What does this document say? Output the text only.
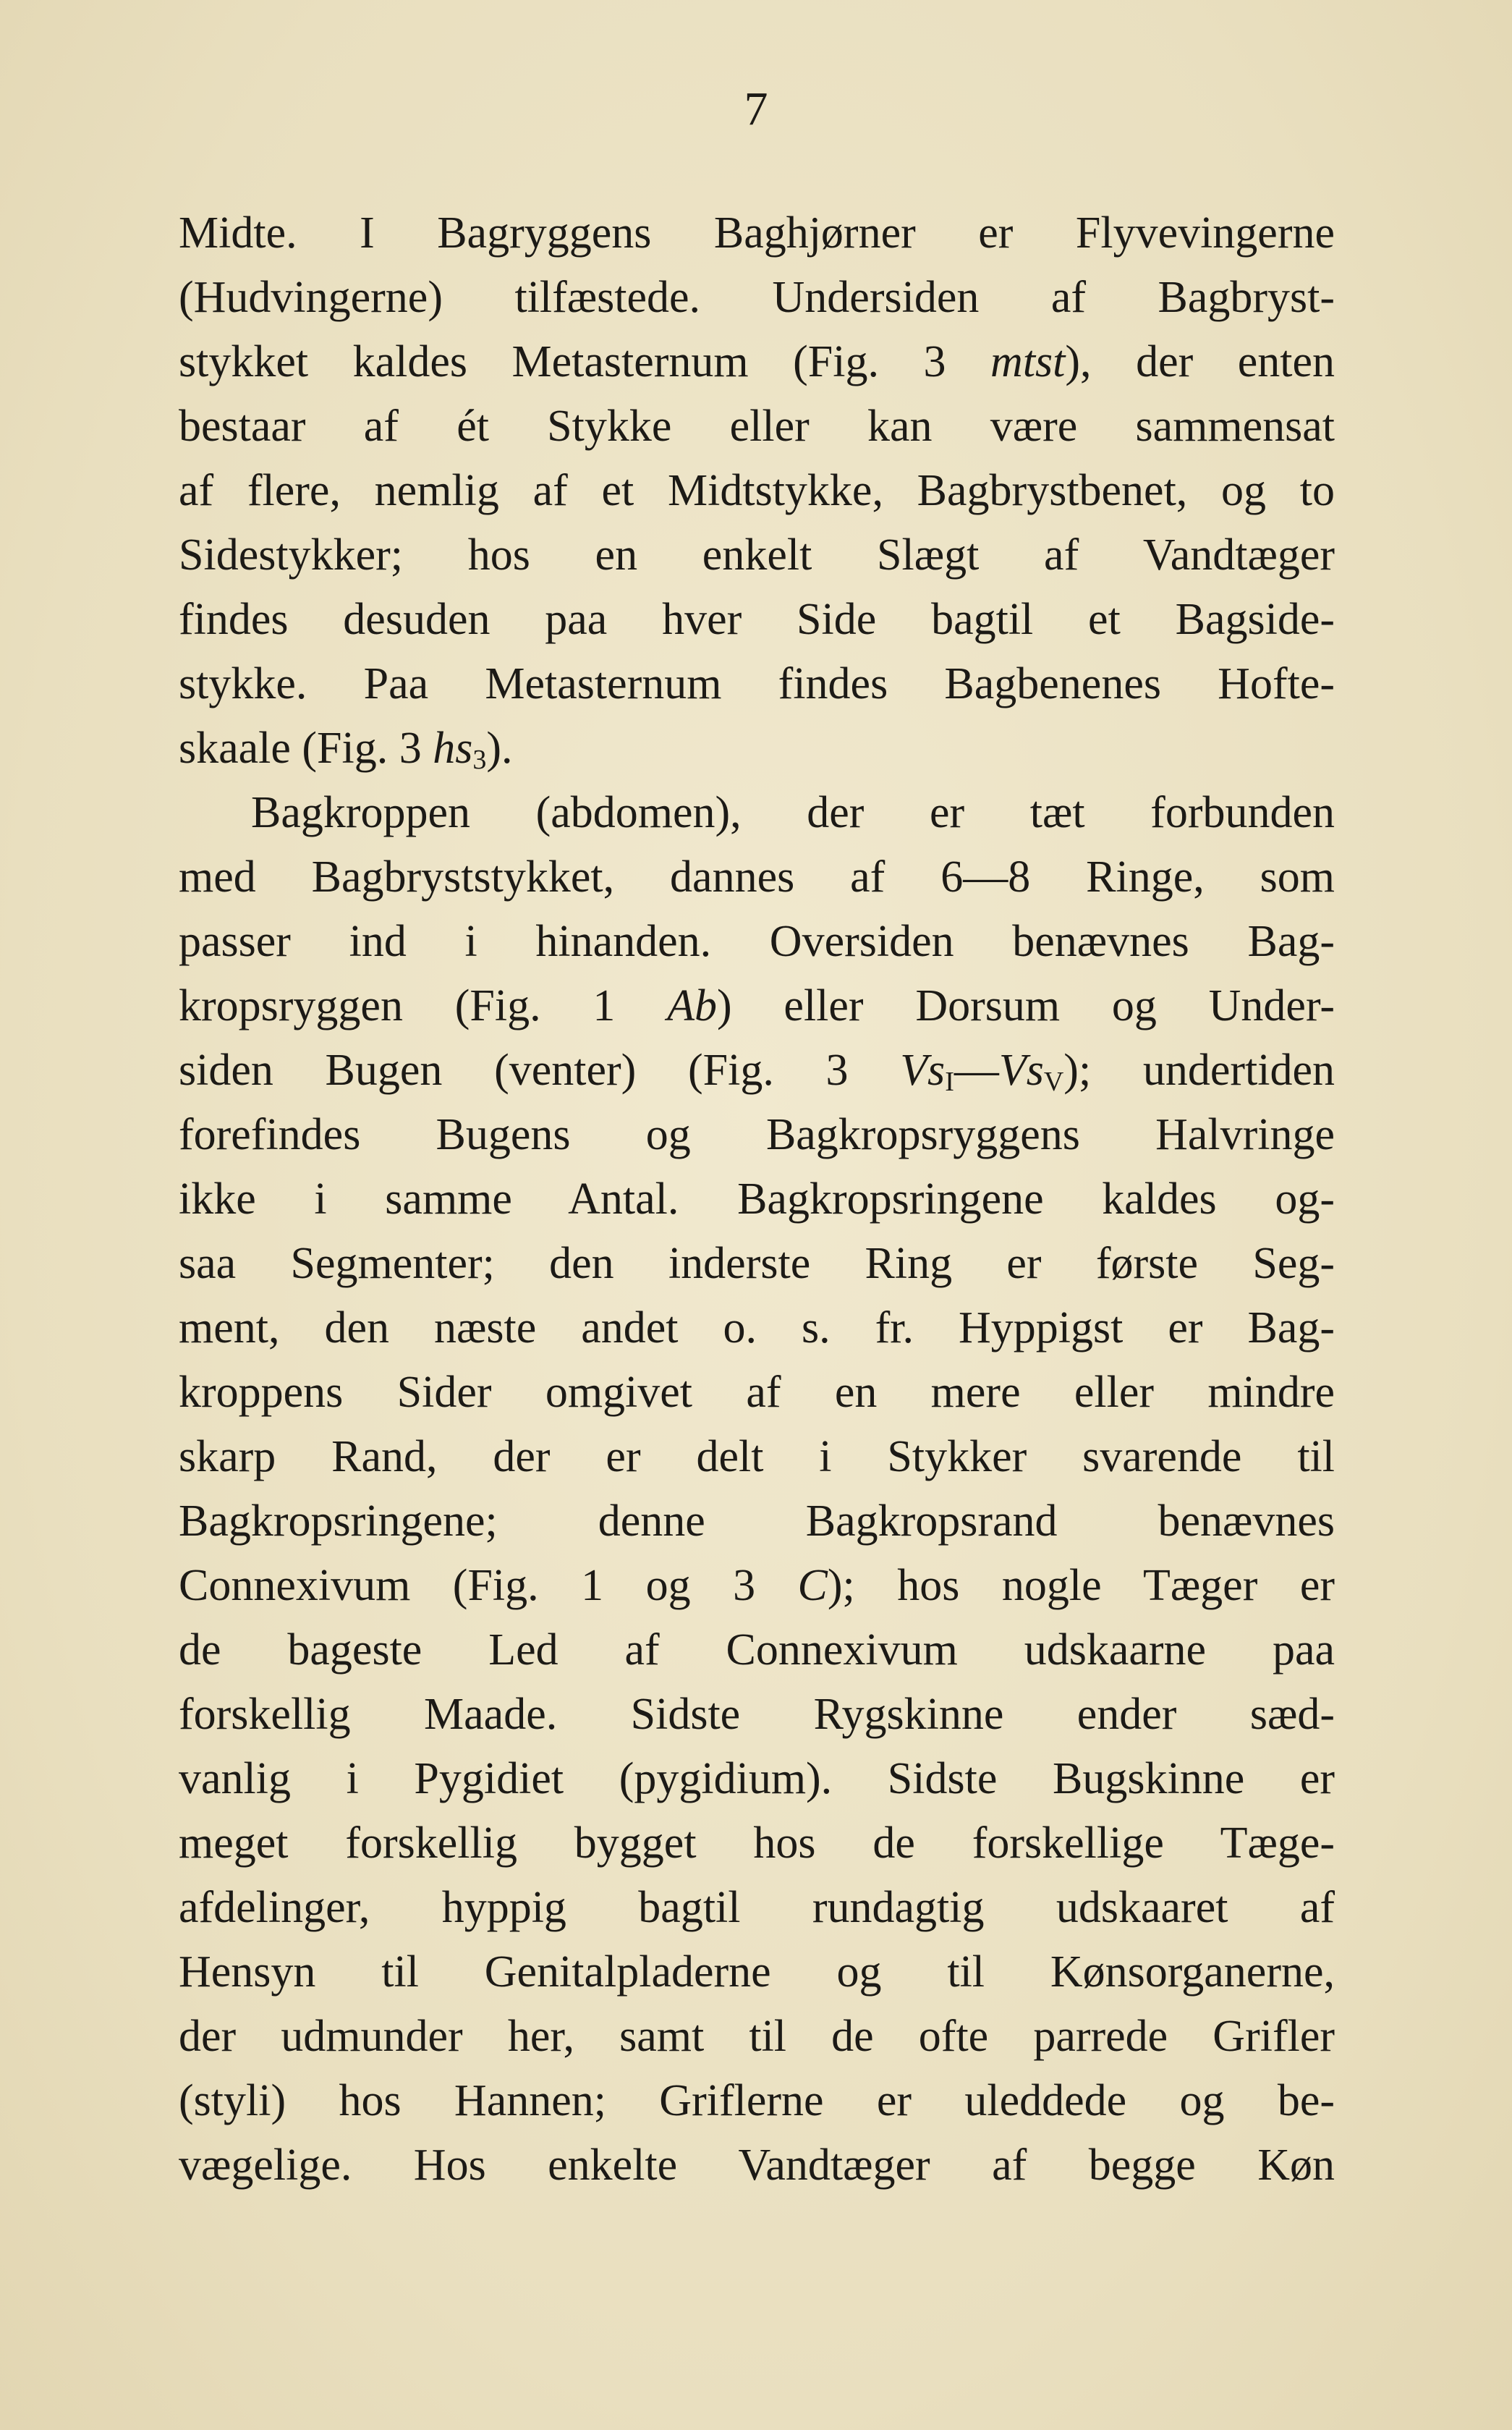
7
Midte. I Bagryggens Baghjørner er Flyvevingerne
(Hudvingerne) tilfæstede. Undersiden af Bagbryst-
stykket kaldes Metasternum (Fig. 3 mtst), der enten
bestaar af ét Stykke eller kan være sammensat
af flere, nemlig af et Midtstykke, Bagbrystbenet, og to
Sidestykker; hos en enkelt Slægt af Vandtæger
findes desuden paa hver Side bagtil et Bagside-
stykke. Paa Metasternum findes Bagbenenes Hofte-
skaale (Fig. 3 $hs_3$).
Bagkroppen (abdomen), der er tæt forbunden
med Bagbryststykket, dannes af 6—8 Ringe, som
passer ind i hinanden. Oversiden benævnes Bag-
kropsryggen (Fig. 1 Ab) eller Dorsum og Under-
siden Bugen (venter) (Fig. 3 $Vs_I—Vs_V$); undertiden
forefindes Bugens og Bagkropsryggens Halvringe
ikke i samme Antal. Bagkropsringene kaldes og-
saa Segmenter; den inderste Ring er første Seg-
ment, den næste andet o. s. fr. Hyppigst er Bag-
kroppens Sider omgivet af en mere eller mindre
skarp Rand, der er delt i Stykker svarende til
Bagkropsringene; denne Bagkropsrand benævnes
Connexivum (Fig. 1 og 3 C); hos nogle Tæger er
de bageste Led af Connexivum udskaarne paa
forskellig Maade. Sidste Rygskinne ender sæd-
vanlig i Pygidiet (pygidium). Sidste Bugskinne er
meget forskellig bygget hos de forskellige Tæge-
afdelinger, hyppig bagtil rundagtig udskaaret af
Hensyn til Genitalpladerne og til Kønsorganerne,
der udmunder her, samt til de ofte parrede Grifler
(styli) hos Hannen; Griflerne er uleddede og be-
vægelige. Hos enkelte Vandtæger af begge Køn
